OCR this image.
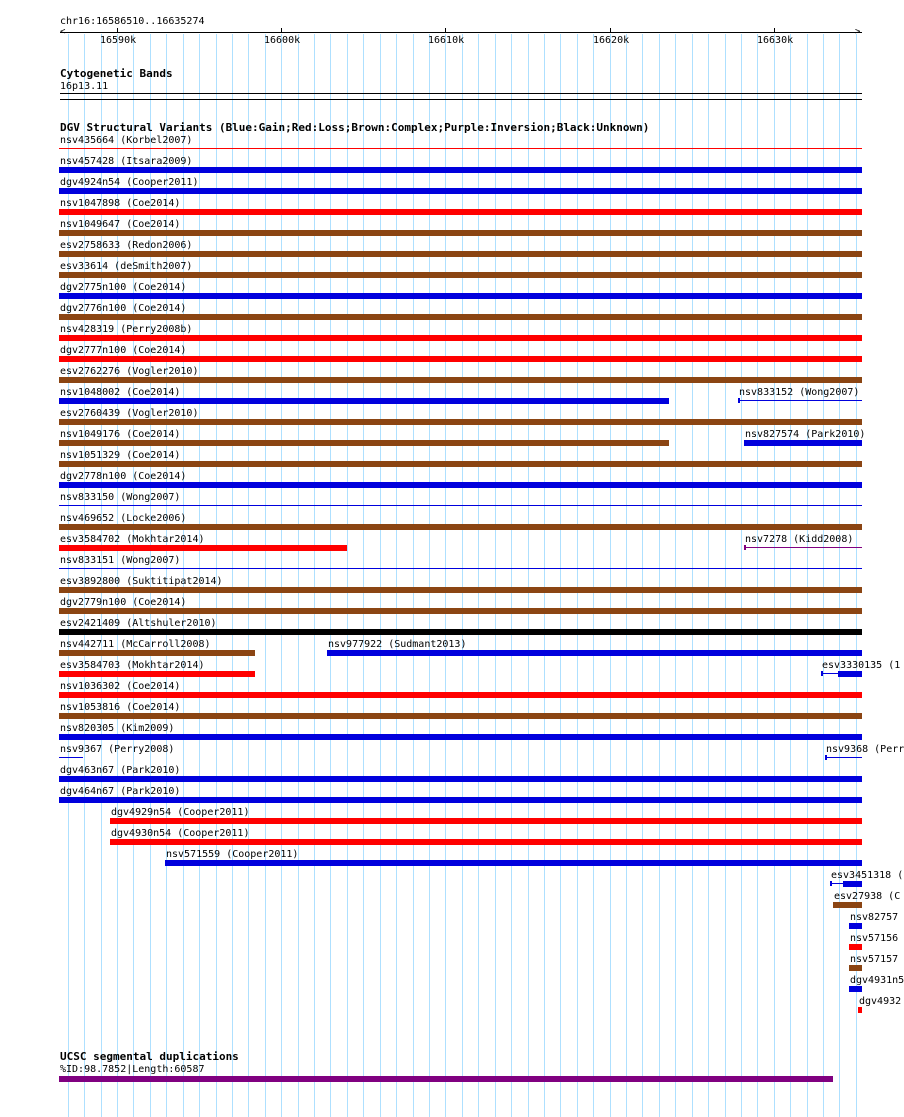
chr16:16586510..16635274
<	>
16590k	16600k	16610k	16620k	16630k
Cytogenetic Bands
16p13.11
DGV Structural Variants (Blue:Gain;Red:Loss;Brown:Complex;Purple:Inversion;Black:Unknown)
nsv435664 (Korbel2007)
nsv457428 (Itsara2009)
dgv4924n54 (Cooper2011)
nsv1047898 (Coe2014)
nsv1049647 (Coe2014)
esv2758633 (Redon2006)
esv33614 (deSmith2007)
dgv2775n100 (Coe2014)
dgv2776n100 (Coe2014)
nsv428319 (Perry2008b)
dgv2777n100 (Coe2014)
esv2762276 (Vogler2010)
nsv1048002 (Coe2014)	nsv833152 (Wong2007)
esv2760439 (Vogler2010)
nsv1049176 (Coe2014)	nsv827574 (Park2010)
nsv1051329 (Coe2014)
dgv2778n100 (Coe2014)
nsv833150 (Wong2007)
nsv469652 (Locke2006)
esv3584702 (Mokhtar2014)	nsv7278 (Kidd2008)
nsv833151 (Wong2007)
esv3892800 (Suktitipat2014)
dgv2779n100 (Coe2014)
esv2421409 (Altshuler2010)
nsv442711 (McCarroll2008)	nsv977922 (Sudmant2013)
esv3584703 (Mokhtar2014)	esv3330135 (1
nsv1036302 (Coe2014)
nsv1053816 (Coe2014)
nsv820305 (Kim2009)
nsv9367 (Perry2008)	nsv9368 (Perr
dgv463n67 (Park2010)
dgv464n67 (Park2010)
dgv4929n54 (Cooper2011)
dgv4930n54 (Cooper2011)
nsv571559 (Cooper2011)
esv3451318 (
esv27938 (C
nsv82757
nsv57156
nsv57157
dgv4931n5
dgv4932
UCSC segmental duplications
%ID:98.7852|Length:60587
